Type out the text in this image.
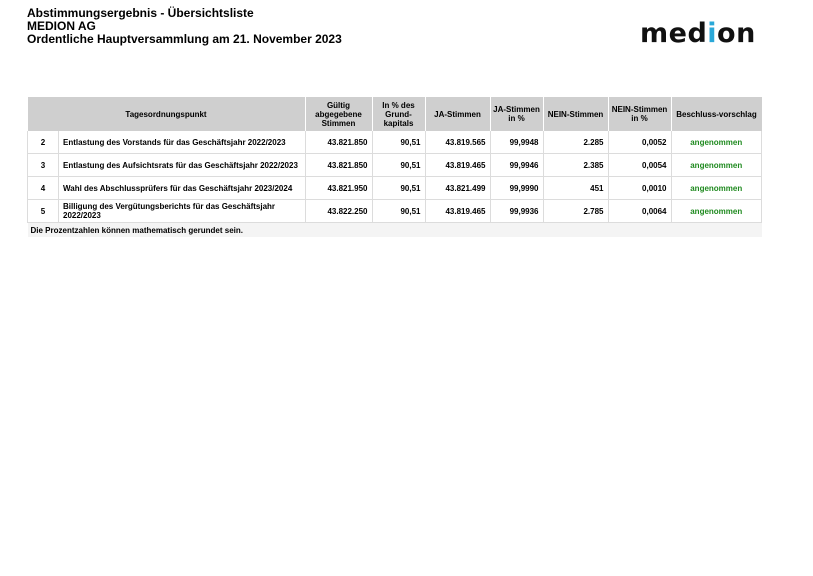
Abstimmungsergebnis - Übersichtsliste
MEDION AG
Ordentliche Hauptversammlung am 21. November 2023	medion
Tagesordnungspunkt		Gültig abgegebene Stimmen	In % des Grund-kapitals	JA-Stimmen	JA-Stimmen in %	NEIN-Stimmen	NEIN-Stimmen in %	Beschluss-vorschlag
2	Entlastung des Vorstands für das Geschäftsjahr 2022/2023	43.821.850	90,51	43.819.565	99,9948	2.285	0,0052	angenommen
3	Entlastung des Aufsichtsrats für das Geschäftsjahr 2022/2023	43.821.850	90,51	43.819.465	99,9946	2.385	0,0054	angenommen
4	Wahl des Abschlussprüfers für das Geschäftsjahr 2023/2024	43.821.950	90,51	43.821.499	99,9990	451	0,0010	angenommen
5	Billigung des Vergütungsberichts für das Geschäftsjahr 2022/2023	43.822.250	90,51	43.819.465	99,9936	2.785	0,0064	angenommen
Die Prozentzahlen können mathematisch gerundet sein.								
